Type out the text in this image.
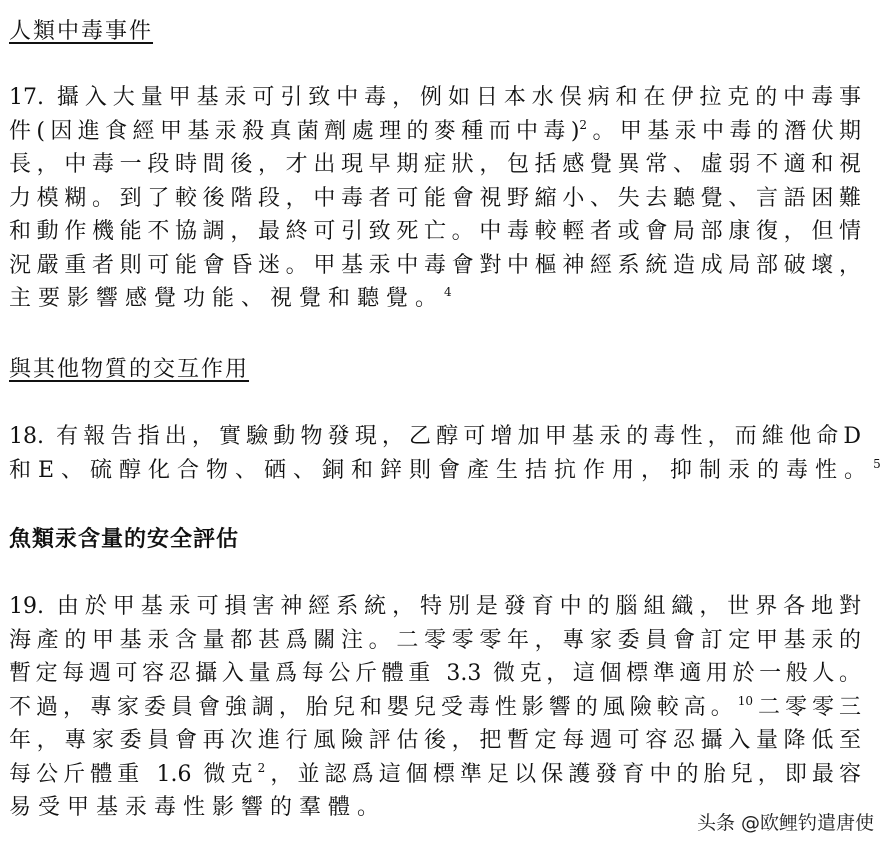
人類中毒事件
17. 攝入大量甲基汞可引致中毒，例如日本水俣病和在伊拉克的中毒事
件(因進食經甲基汞殺真菌劑處理的麥種而中毒)$^2$。甲基汞中毒的潛伏期
長，中毒一段時間後，才出現早期症狀，包括感覺異常、虛弱不適和視
力模糊。到了較後階段，中毒者可能會視野縮小、失去聽覺、言語困難
和動作機能不協調，最終可引致死亡。中毒較輕者或會局部康復，但情
況嚴重者則可能會昏迷。甲基汞中毒會對中樞神經系統造成局部破壞，
主要影響感覺功能、視覺和聽覺。$^4$
與其他物質的交互作用
18. 有報告指出，實驗動物發現，乙醇可增加甲基汞的毒性，而維他命D
和E、硫醇化合物、硒、銅和鋅則會產生拮抗作用，抑制汞的毒性。$^5$
魚類汞含量的安全評估
19. 由於甲基汞可損害神經系統，特別是發育中的腦組織，世界各地對
海產的甲基汞含量都甚爲關注。二零零零年，專家委員會訂定甲基汞的
暫定每週可容忍攝入量爲每公斤體重 3.3 微克，這個標準適用於一般人。
不過，專家委員會強調，胎兒和嬰兒受毒性影響的風險較高。$^{10}$二零零三
年，專家委員會再次進行風險評估後，把暫定每週可容忍攝入量降低至
每公斤體重 1.6 微克$^2$，並認爲這個標準足以保護發育中的胎兒，即最容
易受甲基汞毒性影響的羣體。
头条 @欧鲤钓遣唐使
